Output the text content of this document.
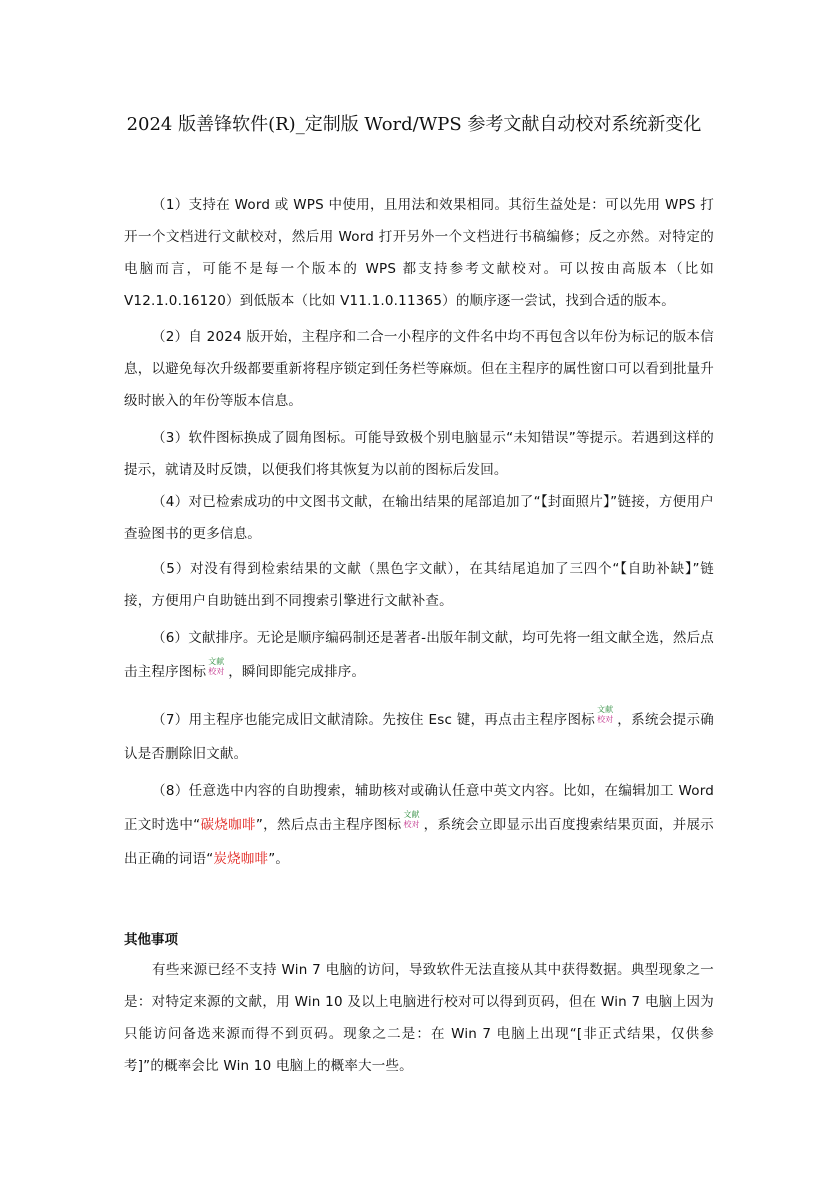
2024 版善锋软件(R)_定制版 Word/WPS 参考文献自动校对系统新变化
（1）支持在 Word 或 WPS 中使用，且用法和效果相同。其衍生益处是：可以先用 WPS 打开一个文档进行文献校对，然后用 Word 打开另外一个文档进行书稿编修；反之亦然。对特定的电脑而言，可能不是每一个版本的 WPS 都支持参考文献校对。可以按由高版本（比如 V12.1.0.16120）到低版本（比如 V11.1.0.11365）的顺序逐一尝试，找到合适的版本。
（2）自 2024 版开始，主程序和二合一小程序的文件名中均不再包含以年份为标记的版本信息，以避免每次升级都要重新将程序锁定到任务栏等麻烦。但在主程序的属性窗口可以看到批量升级时嵌入的年份等版本信息。
（3）软件图标换成了圆角图标。可能导致极个别电脑显示“未知错误”等提示。若遇到这样的提示，就请及时反馈，以便我们将其恢复为以前的图标后发回。
（4）对已检索成功的中文图书文献，在输出结果的尾部追加了“【封面照片】”链接，方便用户查验图书的更多信息。
（5）对没有得到检索结果的文献（黑色字文献），在其结尾追加了三四个“【自助补缺】”链接，方便用户自助链出到不同搜索引擎进行文献补查。
（6）文献排序。无论是顺序编码制还是著者-出版年制文献，均可先将一组文献全选，然后点击主程序图标
文献
校对 ，瞬间即能完成排序。
（7）用主程序也能完成旧文献清除。先按住 Esc 键，再点击主程序图标
文献
校对 ，系统会提示确认是否删除旧文献。
（8）任意选中内容的自助搜索，辅助核对或确认任意中英文内容。比如，在编辑加工 Word 正文时选中“碳烧咖啡”，然后点击主程序图标
文献
校对 ，系统会立即显示出百度搜索结果页面，并展示出正确的词语“炭烧咖啡”。
其他事项
有些来源已经不支持 Win 7 电脑的访问，导致软件无法直接从其中获得数据。典型现象之一是：对特定来源的文献，用 Win 10 及以上电脑进行校对可以得到页码，但在 Win 7 电脑上因为只能访问备选来源而得不到页码。现象之二是：在 Win 7 电脑上出现“[非正式结果，仅供参考]”的概率会比 Win 10 电脑上的概率大一些。
